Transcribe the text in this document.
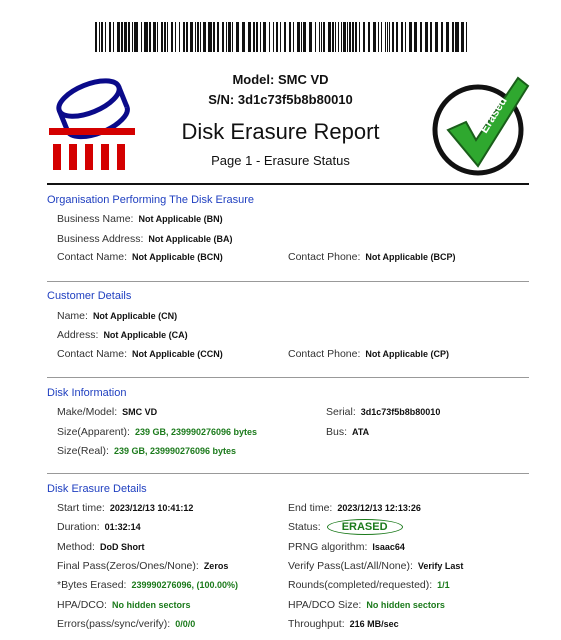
Erased
Model: SMC VD
S/N: 3d1c73f5b8b80010
Disk Erasure Report
Page 1 - Erasure Status
Organisation Performing The Disk Erasure
Business Name: Not Applicable (BN)
Business Address: Not Applicable (BA)
Contact Name: Not Applicable (BCN)	Contact Phone: Not Applicable (BCP)
Customer Details
Name: Not Applicable (CN)
Address: Not Applicable (CA)
Contact Name: Not Applicable (CCN)	Contact Phone: Not Applicable (CP)
Disk Information
Make/Model: SMC VD	Serial: 3d1c73f5b8b80010
Size(Apparent): 239 GB, 239990276096 bytes	Bus: ATA
Size(Real): 239 GB, 239990276096 bytes
Disk Erasure Details
Start time: 2023/12/13 10:41:12	End time: 2023/12/13 12:13:26
Duration: 01:32:14	Status: ERASED
Method: DoD Short	PRNG algorithm: Isaac64
Final Pass(Zeros/Ones/None): Zeros	Verify Pass(Last/All/None): Verify Last
*Bytes Erased: 239990276096, (100.00%)	Rounds(completed/requested): 1/1
HPA/DCO: No hidden sectors	HPA/DCO Size: No hidden sectors
Errors(pass/sync/verify): 0/0/0	Throughput: 216 MB/sec
